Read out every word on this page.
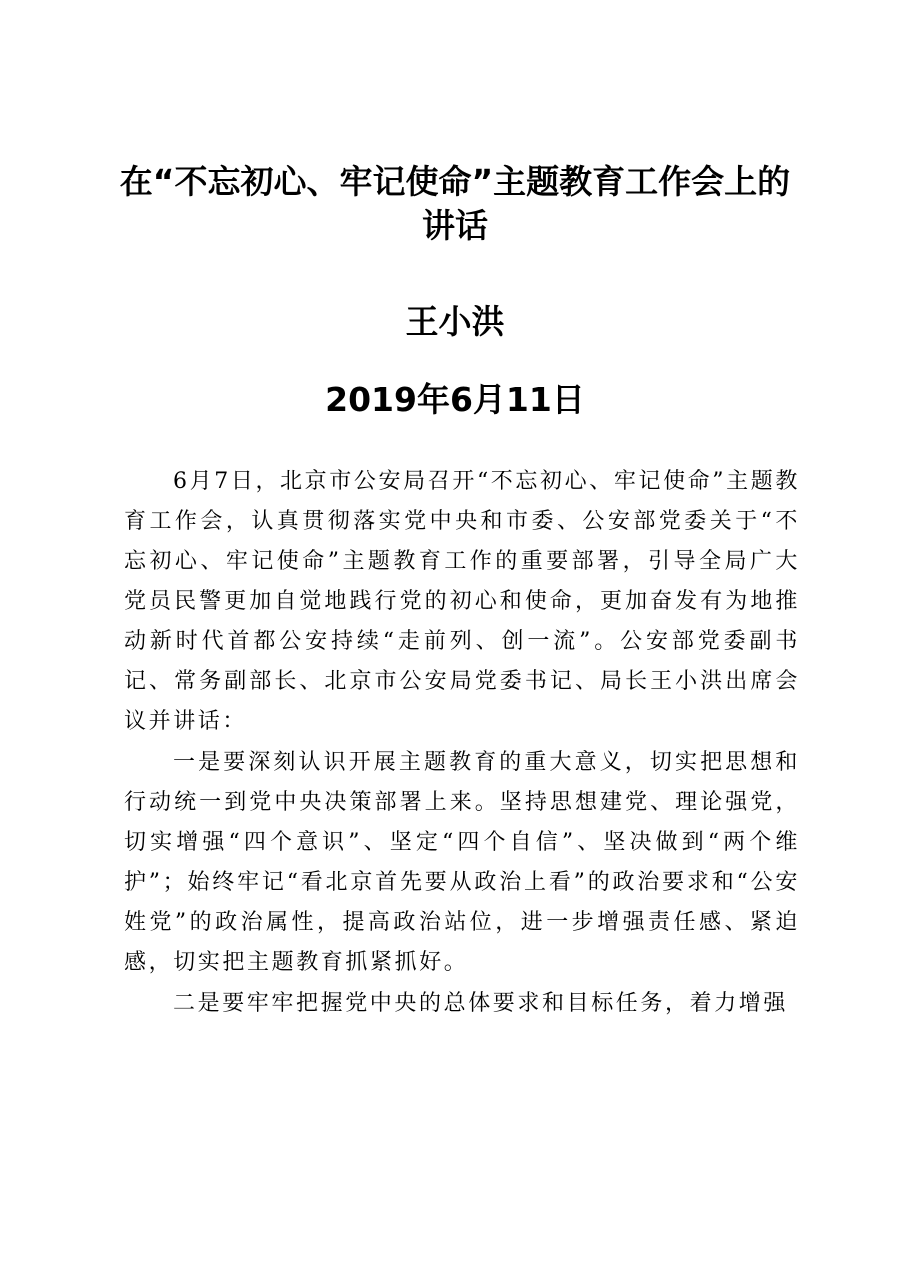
在“不忘初心、牢记使命”主题教育工作会上的讲话
王小洪
2019年6月11日

6月7日，北京市公安局召开“不忘初心、牢记使命”主题教育工作会，认真贯彻落实党中央和市委、公安部党委关于“不忘初心、牢记使命”主题教育工作的重要部署，引导全局广大党员民警更加自觉地践行党的初心和使命，更加奋发有为地推动新时代首都公安持续“走前列、创一流”。公安部党委副书记、常务副部长、北京市公安局党委书记、局长王小洪出席会议并讲话：

一是要深刻认识开展主题教育的重大意义，切实把思想和行动统一到党中央决策部署上来。坚持思想建党、理论强党，切实增强“四个意识”、坚定“四个自信”、坚决做到“两个维护”；始终牢记“看北京首先要从政治上看”的政治要求和“公安姓党”的政治属性，提高政治站位，进一步增强责任感、紧迫感，切实把主题教育抓紧抓好。

二是要牢牢把握党中央的总体要求和目标任务，着力增强
